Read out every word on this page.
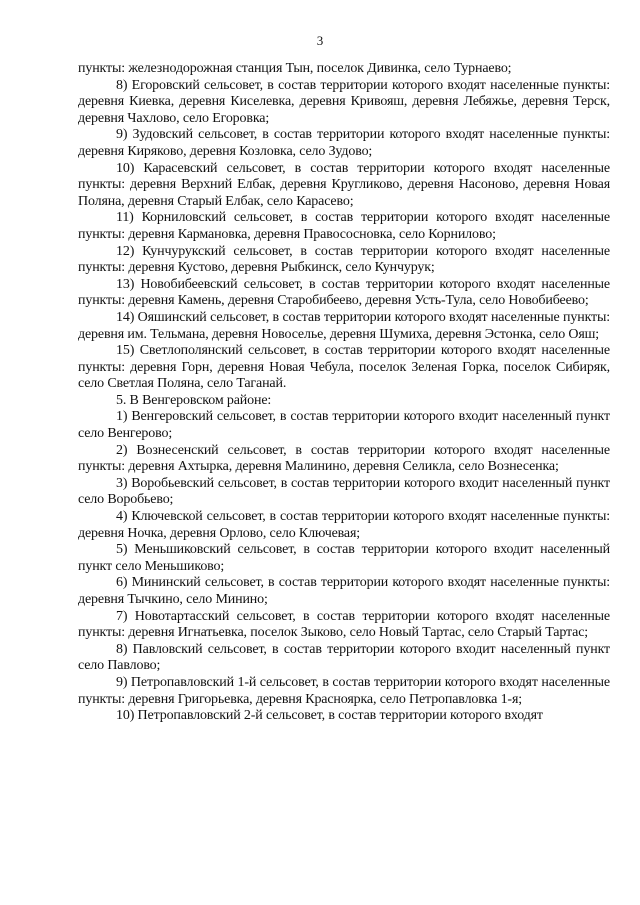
3

пункты: железнодорожная станция Тын, поселок Дивинка, село Турнаево;

8) Егоровский сельсовет, в состав территории которого входят населенные пункты: деревня Киевка, деревня Киселевка, деревня Кривояш, деревня Лебяжье, деревня Терск, деревня Чахлово, село Егоровка;

9) Зудовский сельсовет, в состав территории которого входят населенные пункты: деревня Киряково, деревня Козловка, село Зудово;

10) Карасевский сельсовет, в состав территории которого входят населенные пункты: деревня Верхний Елбак, деревня Кругликово, деревня Насоново, деревня Новая Поляна, деревня Старый Елбак, село Карасево;

11) Корниловский сельсовет, в состав территории которого входят населенные пункты: деревня Кармановка, деревня Правососновка, село Корнилово;

12) Кунчурукский сельсовет, в состав территории которого входят населенные пункты: деревня Кустово, деревня Рыбкинск, село Кунчурук;

13) Новобибеевский сельсовет, в состав территории которого входят населенные пункты: деревня Камень, деревня Старобибеево, деревня Усть-Тула, село Новобибеево;

14) Ояшинский сельсовет, в состав территории которого входят населенные пункты: деревня им. Тельмана, деревня Новоселье, деревня Шумиха, деревня Эстонка, село Ояш;

15) Светлополянский сельсовет, в состав территории которого входят населенные пункты: деревня Горн, деревня Новая Чебула, поселок Зеленая Горка, поселок Сибиряк, село Светлая Поляна, село Таганай.

5. В Венгеровском районе:

1) Венгеровский сельсовет, в состав территории которого входит населенный пункт село Венгерово;

2) Вознесенский сельсовет, в состав территории которого входят населенные пункты: деревня Ахтырка, деревня Малинино, деревня Селикла, село Вознесенка;

3) Воробьевский сельсовет, в состав территории которого входит населенный пункт село Воробьево;

4) Ключевской сельсовет, в состав территории которого входят населенные пункты: деревня Ночка, деревня Орлово, село Ключевая;

5) Меньшиковский сельсовет, в состав территории которого входит населенный пункт село Меньшиково;

6) Мининский сельсовет, в состав территории которого входят населенные пункты: деревня Тычкино, село Минино;

7) Новотартасский сельсовет, в состав территории которого входят населенные пункты: деревня Игнатьевка, поселок Зыково, село Новый Тартас, село Старый Тартас;

8) Павловский сельсовет, в состав территории которого входит населенный пункт село Павлово;

9) Петропавловский 1-й сельсовет, в состав территории которого входят населенные пункты: деревня Григорьевка, деревня Красноярка, село Петропавловка 1-я;

10) Петропавловский 2-й сельсовет, в состав территории которого входят
